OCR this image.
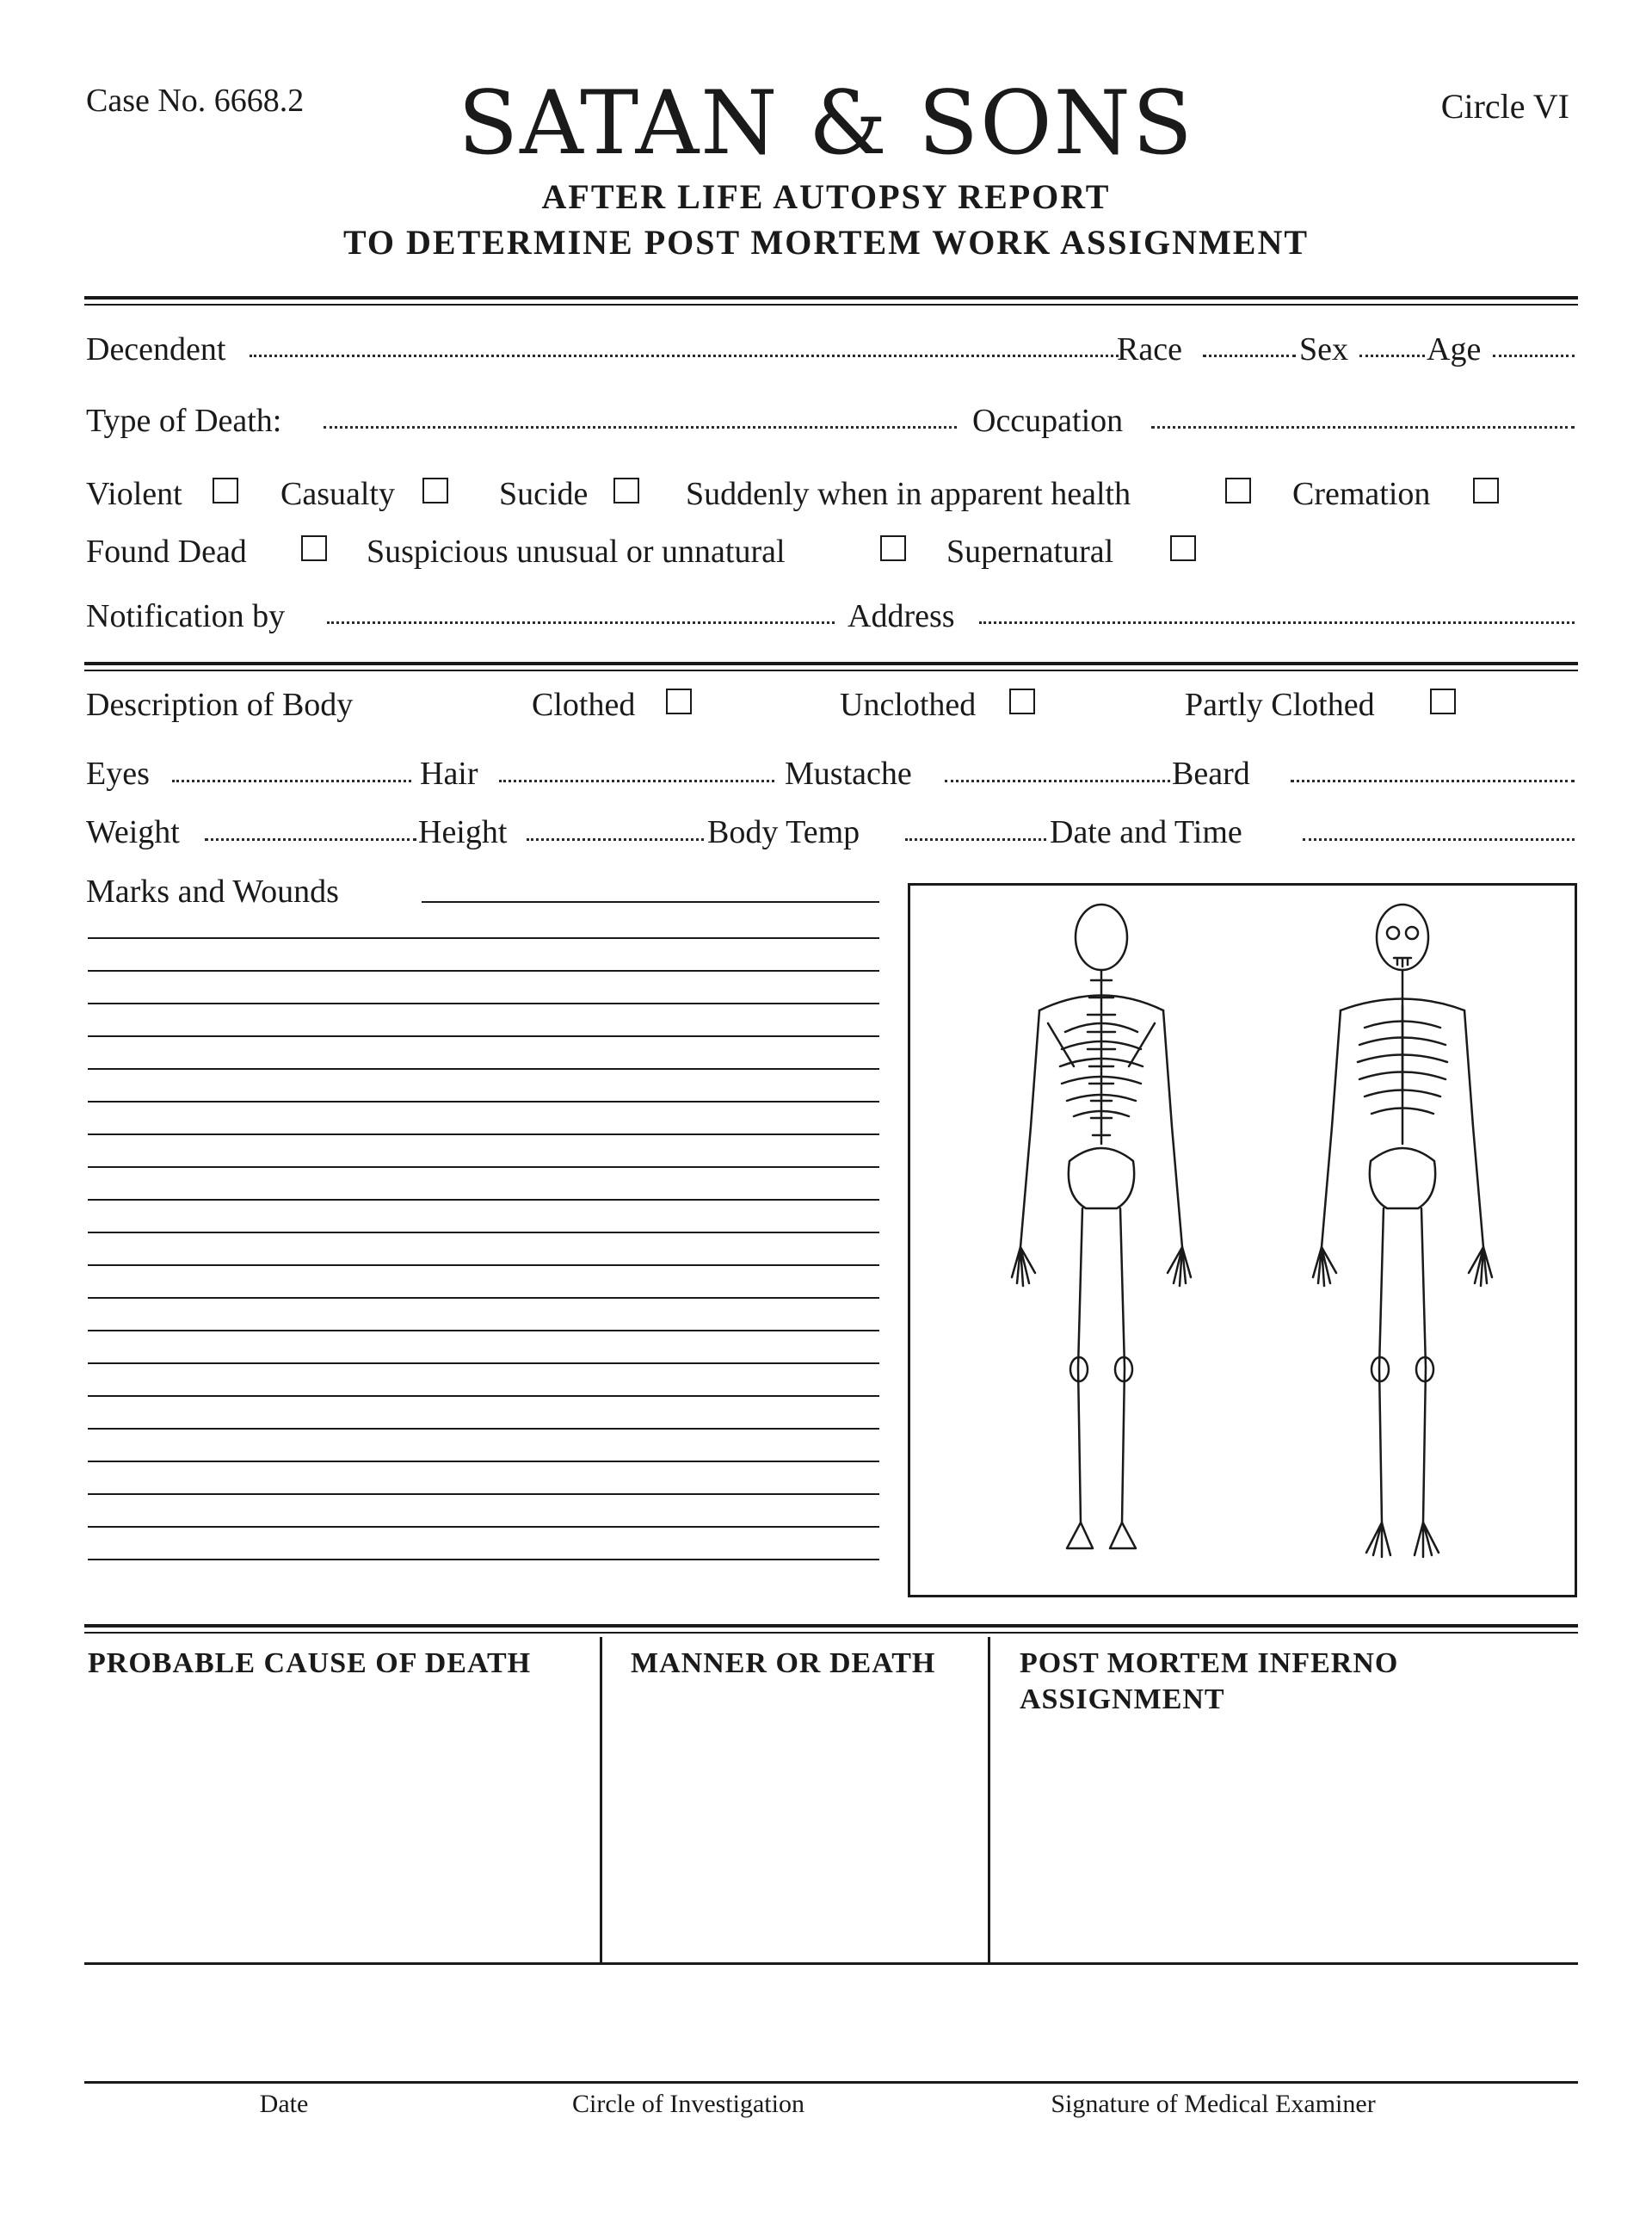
Case No. 6668.2	SATAN & SONS	Circle VI
AFTER LIFE AUTOPSY REPORT
TO DETERMINE POST MORTEM WORK ASSIGNMENT
Decendent	Race	Sex Age
Type of Death:	Occupation
Violent	Casualty	Sucide	Suddenly when in apparent health	Cremation
Found Dead	Suspicious unusual or unnatural	Supernatural
Notification by	Address
Description of Body	Clothed	Unclothed	Partly Clothed
Eyes	Hair	Mustache	Beard
Weight	Height	Body Temp	Date and Time
Marks and Wounds
PROBABLE CAUSE OF DEATH	MANNER OR DEATH	POST MORTEM INFERNO
ASSIGNMENT
Date	Circle of Investigation	Signature of Medical Examiner
